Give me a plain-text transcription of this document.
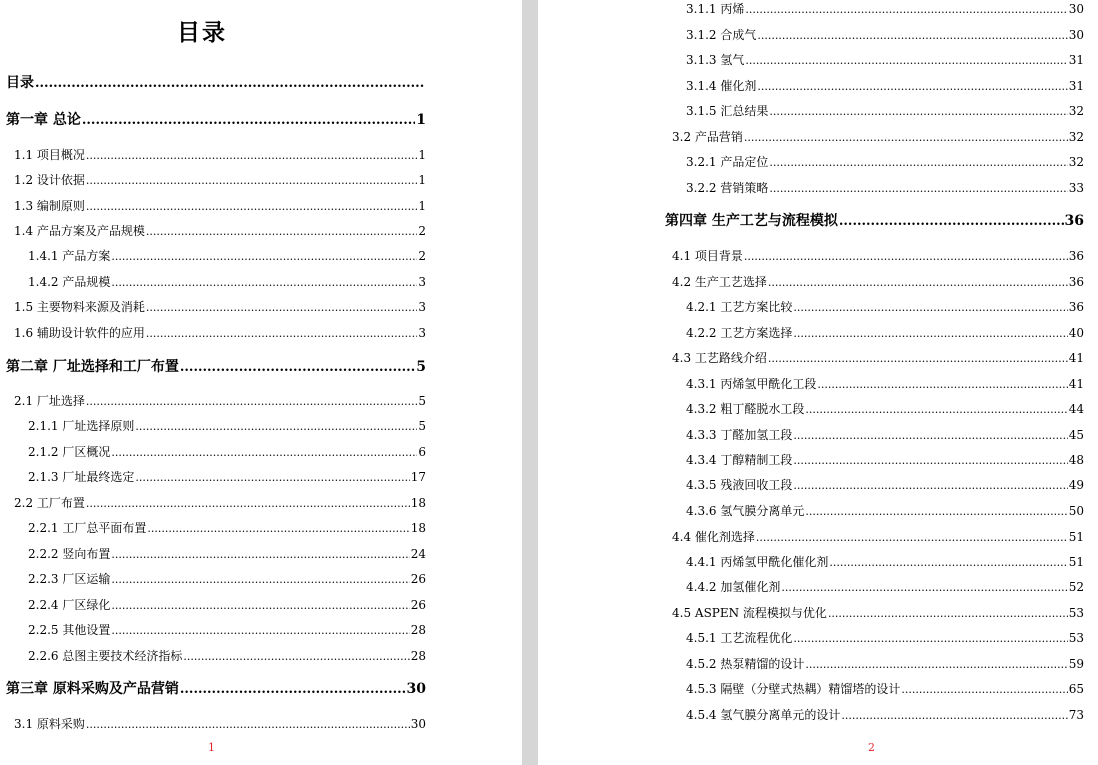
目录
目录
.....
第一章 总论 .....	1
1.1 项目概况 .....	1
1.2 设计依据 .....	1
1.3 编制原则 .....	1
1.4 产品方案及产品规模 .....	2
1.4.1 产品方案 .....	2
1.4.2 产品规模 .....	3
1.5 主要物料来源及消耗 .....	3
1.6 辅助设计软件的应用 .....	3
第二章 厂址选择和工厂布置 .....	5
2.1 厂址选择 .....	5
2.1.1 厂址选择原则 .....	5
2.1.2 厂区概况 .....	6
2.1.3 厂址最终选定 .....	17
2.2 工厂布置 .....	18
2.2.1 工厂总平面布置 .....	18
2.2.2 竖向布置 .....	24
2.2.3 厂区运输 .....	26
2.2.4 厂区绿化 .....	26
2.2.5 其他设置 .....	28
2.2.6 总图主要技术经济指标 .....	28
第三章 原料采购及产品营销 .....	30
3.1 原料采购 .....	30
1
3.1.1 丙烯 .....	30
3.1.2 合成气 .....	30
3.1.3 氢气 .....	31
3.1.4 催化剂 .....	31
3.1.5 汇总结果 .....	32
3.2 产品营销 .....	32
3.2.1 产品定位 .....	32
3.2.2 营销策略 .....	33
第四章 生产工艺与流程模拟 .....	36
4.1 项目背景 .....	36
4.2 生产工艺选择 .....	36
4.2.1 工艺方案比较 .....	36
4.2.2 工艺方案选择 .....	40
4.3 工艺路线介绍 .....	41
4.3.1 丙烯氢甲酰化工段 .....	41
4.3.2 粗丁醛脱水工段 .....	44
4.3.3 丁醛加氢工段 .....	45
4.3.4 丁醇精制工段 .....	48
4.3.5 残液回收工段 .....	49
4.3.6 氢气膜分离单元 .....	50
4.4 催化剂选择 .....	51
4.4.1 丙烯氢甲酰化催化剂 .....	51
4.4.2 加氢催化剂 .....	52
4.5 ASPEN 流程模拟与优化 .....	53
4.5.1 工艺流程优化 .....	53
4.5.2 热泵精馏的设计 .....	59
4.5.3 隔壁（分壁式热耦）精馏塔的设计 .....	65
4.5.4 氢气膜分离单元的设计 .....	73
2
